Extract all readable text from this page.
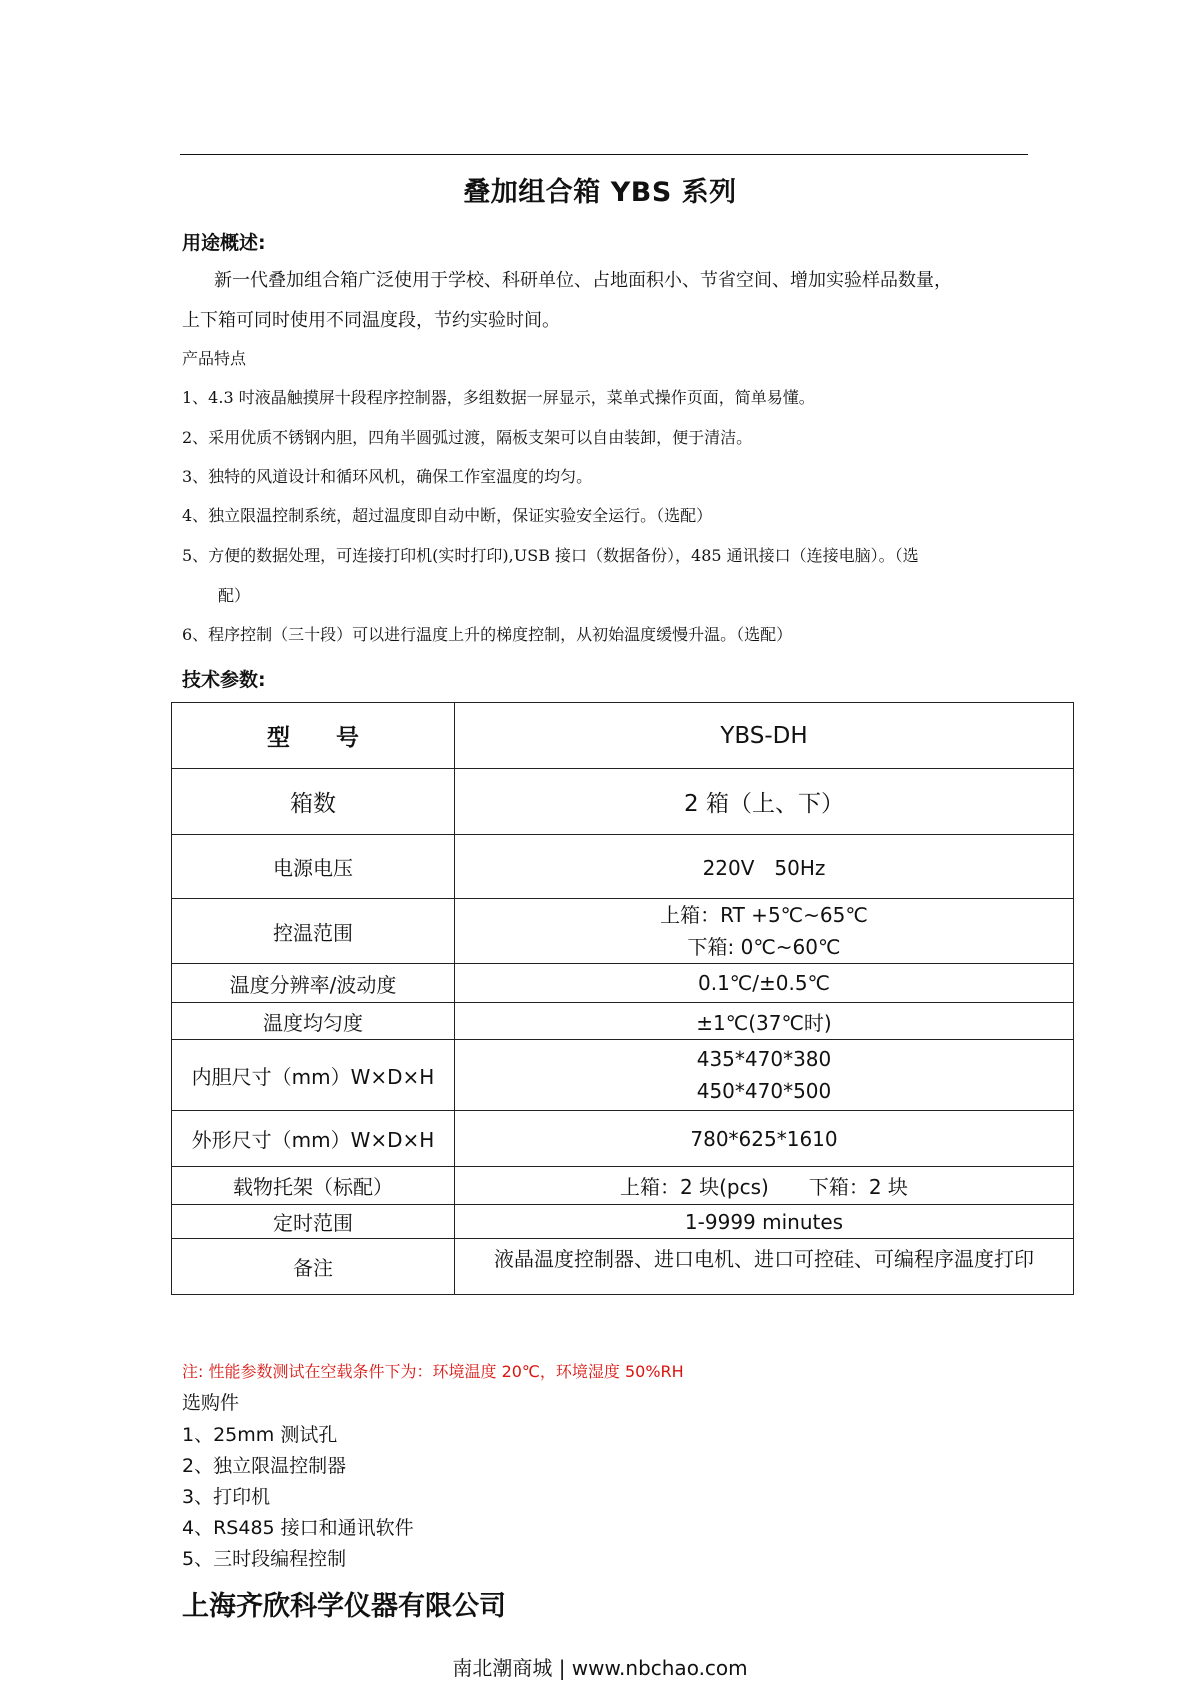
叠加组合箱 YBS 系列
用途概述:
新一代叠加组合箱广泛使用于学校、科研单位、占地面积小、节省空间、增加实验样品数量，
上下箱可同时使用不同温度段，节约实验时间。
产品特点
1、4.3 吋液晶触摸屏十段程序控制器，多组数据一屏显示，菜单式操作页面，简单易懂。
2、采用优质不锈钢内胆，四角半圆弧过渡，隔板支架可以自由装卸，便于清洁。
3、独特的风道设计和循环风机，确保工作室温度的均匀。
4、独立限温控制系统，超过温度即自动中断，保证实验安全运行。（选配）
5、方便的数据处理，可连接打印机(实时打印),USB 接口（数据备份），485 通讯接口（连接电脑）。（选
配）
6、程序控制（三十段）可以进行温度上升的梯度控制，从初始温度缓慢升温。（选配）
技术参数:
型　　号	YBS-DH
箱数	2 箱（上、下）
电源电压	220V　50Hz
控温范围	上箱：RT +5℃~65℃
下箱: 0℃~60℃

温度分辨率/波动度	0.1℃/±0.5℃
温度均匀度	±1℃(37℃时)
内胆尺寸（mm）W×D×H	435*470*380
450*470*500

外形尺寸（mm）W×D×H	780*625*1610
载物托架（标配）	上箱：2 块(pcs)　　下箱：2 块
定时范围	1-9999 minutes
备注	液晶温度控制器、进口电机、进口可控硅、可编程序温度打印
注: 性能参数测试在空载条件下为：环境温度 20℃，环境湿度 50%RH
选购件
1、25mm 测试孔
2、独立限温控制器
3、打印机
4、RS485 接口和通讯软件
5、三时段编程控制
上海齐欣科学仪器有限公司
南北潮商城 | www.nbchao.com
